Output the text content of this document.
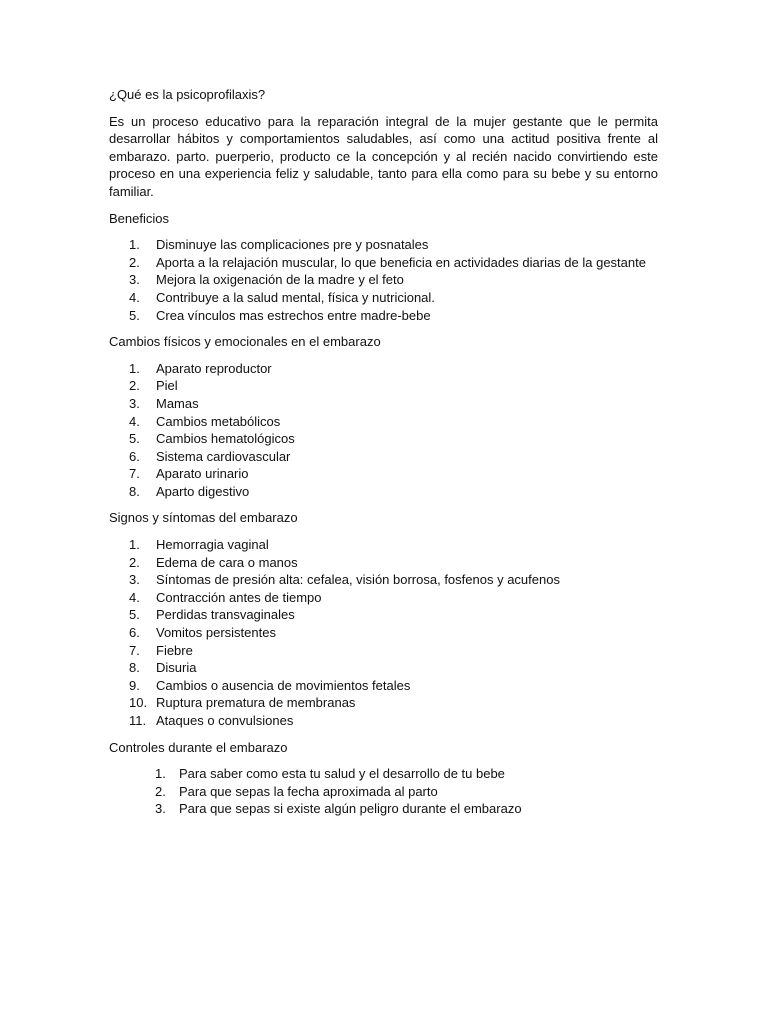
¿Qué es la psicoprofilaxis?

Es un proceso educativo para la reparación integral de la mujer gestante que le permita desarrollar hábitos y comportamientos saludables, así como una actitud positiva frente al embarazo. parto. puerperio, producto ce la concepción y al recién nacido convirtiendo este proceso en una experiencia feliz y saludable, tanto para ella como para su bebe y su entorno familiar.

Beneficios

1. Disminuye las complicaciones pre y posnatales
2. Aporta a la relajación muscular, lo que beneficia en actividades diarias de la gestante
3. Mejora la oxigenación de la madre y el feto
4. Contribuye a la salud mental, física y nutricional.
5. Crea vínculos mas estrechos entre madre-bebe

Cambios físicos y emocionales en el embarazo

1. Aparato reproductor
2. Piel
3. Mamas
4. Cambios metabólicos
5. Cambios hematológicos
6. Sistema cardiovascular
7. Aparato urinario
8. Aparto digestivo

Signos y síntomas del embarazo

1. Hemorragia vaginal
2. Edema de cara o manos
3. Síntomas de presión alta: cefalea, visión borrosa, fosfenos y acufenos
4. Contracción antes de tiempo
5. Perdidas transvaginales
6. Vomitos persistentes
7. Fiebre
8. Disuria
9. Cambios o ausencia de movimientos fetales
10. Ruptura prematura de membranas
11. Ataques o convulsiones

Controles durante el embarazo

1. Para saber como esta tu salud y el desarrollo de tu bebe
2. Para que sepas la fecha aproximada al parto
3. Para que sepas si existe algún peligro durante el embarazo
